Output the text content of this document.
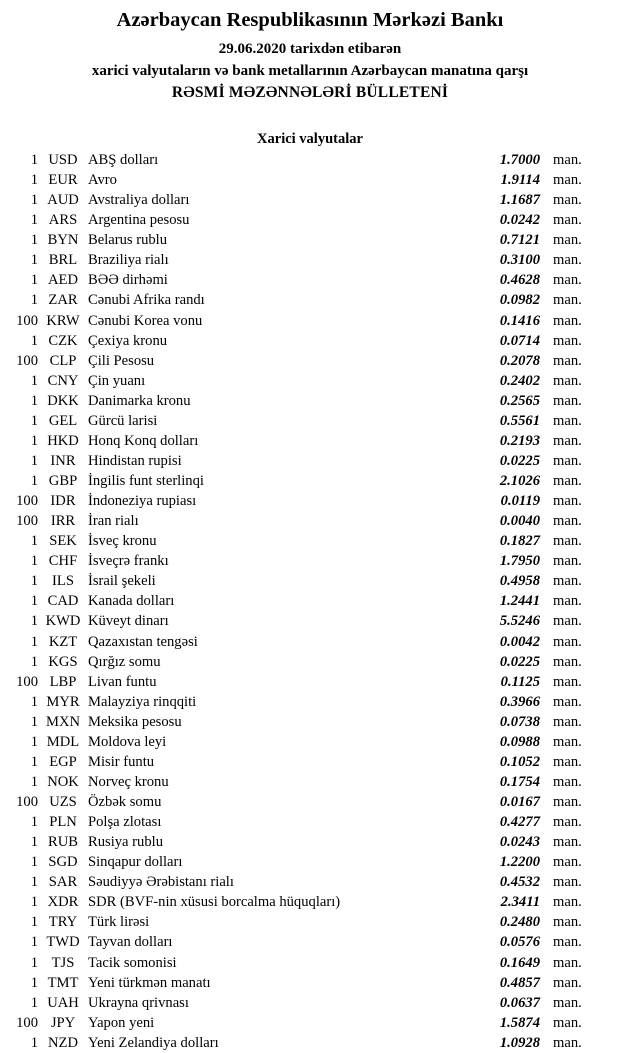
Azərbaycan Respublikasının Mərkəzi Bankı
29.06.2020 tarixdən etibarən
xarici valyutaların və bank metallarının Azərbaycan manatına qarşı
RƏSMİ MƏZƏNNƏLƏRİ BÜLLETENİ
Xarici valyutalar
1 USD ABŞ dolları	1.7000 man.
1 EUR Avro	1.9114 man.
1 AUD Avstraliya dolları	1.1687 man.
1 ARS Argentina pesosu	0.0242 man.
1 BYN Belarus rublu	0.7121 man.
1 BRL Braziliya rialı	0.3100 man.
1 AED BƏƏ dirhəmi	0.4628 man.
1 ZAR Cənubi Afrika randı	0.0982 man.
100 KRW Cənubi Korea vonu	0.1416 man.
1 CZK Çexiya kronu	0.0714 man.
100 CLP Çili Pesosu	0.2078 man.
1 CNY Çin yuanı	0.2402 man.
1 DKK Danimarka kronu	0.2565 man.
1 GEL Gürcü larisi	0.5561 man.
1 HKD Honq Konq dolları	0.2193 man.
1 INR Hindistan rupisi	0.0225 man.
1 GBP İngilis funt sterlinqi	2.1026 man.
100 IDR İndoneziya rupiası	0.0119 man.
100 IRR İran rialı	0.0040 man.
1 SEK İsveç kronu	0.1827 man.
1 CHF İsveçrə frankı	1.7950 man.
1 ILS İsrail şekeli	0.4958 man.
1 CAD Kanada dolları	1.2441 man.
1 KWD Küveyt dinarı	5.5246 man.
1 KZT Qazaxıstan tengəsi	0.0042 man.
1 KGS Qırğız somu	0.0225 man.
100 LBP Livan funtu	0.1125 man.
1 MYR Malayziya rinqqiti	0.3966 man.
1 MXN Meksika pesosu	0.0738 man.
1 MDL Moldova leyi	0.0988 man.
1 EGP Misir funtu	0.1052 man.
1 NOK Norveç kronu	0.1754 man.
100 UZS Özbək somu	0.0167 man.
1 PLN Polşa zlotası	0.4277 man.
1 RUB Rusiya rublu	0.0243 man.
1 SGD Sinqapur dolları	1.2200 man.
1 SAR Səudiyyə Ərəbistanı rialı	0.4532 man.
1 XDR SDR (BVF-nin xüsusi borcalma hüquqları)	2.3411 man.
1 TRY Türk lirəsi	0.2480 man.
1 TWD Tayvan dolları	0.0576 man.
1 TJS Tacik somonisi	0.1649 man.
1 TMT Yeni türkmən manatı	0.4857 man.
1 UAH Ukrayna qrivnası	0.0637 man.
100 JPY Yapon yeni	1.5874 man.
1 NZD Yeni Zelandiya dolları	1.0928 man.
